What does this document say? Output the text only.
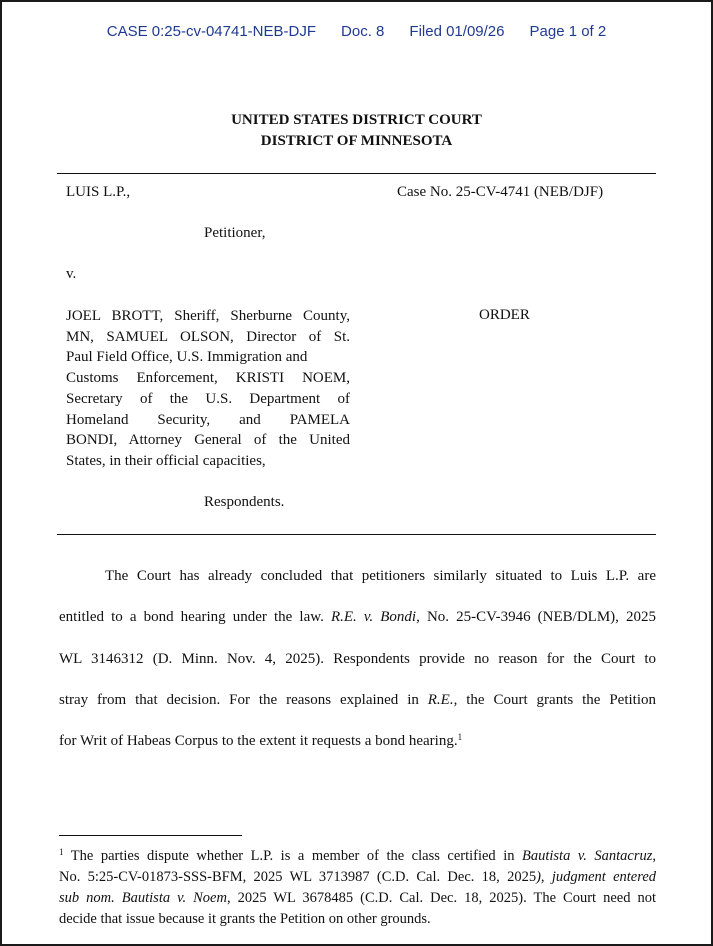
CASE 0:25-cv-04741-NEB-DJF Doc. 8 Filed 01/09/26 Page 1 of 2
UNITED STATES DISTRICT COURT
DISTRICT OF MINNESOTA
LUIS L.P.,	Case No. 25-CV-4741 (NEB/DJF)
Petitioner,
v.
ORDER
JOEL BROTT, Sheriff, Sherburne County,
MN, SAMUEL OLSON, Director of St.
Paul Field Office, U.S. Immigration and
Customs Enforcement, KRISTI NOEM,
Secretary of the U.S. Department of
Homeland Security, and PAMELA
BONDI, Attorney General of the United
States, in their official capacities,
Respondents.
The Court has already concluded that petitioners similarly situated to Luis L.P. are
entitled to a bond hearing under the law. R.E. v. Bondi, No. 25-CV-3946 (NEB/DLM), 2025
WL 3146312 (D. Minn. Nov. 4, 2025). Respondents provide no reason for the Court to
stray from that decision. For the reasons explained in R.E., the Court grants the Petition
for Writ of Habeas Corpus to the extent it requests a bond hearing.$^1$
$^1$ The parties dispute whether L.P. is a member of the class certified in Bautista v. Santacruz,
No. 5:25-CV-01873-SSS-BFM, 2025 WL 3713987 (C.D. Cal. Dec. 18, 2025), judgment entered
sub nom. Bautista v. Noem, 2025 WL 3678485 (C.D. Cal. Dec. 18, 2025). The Court need not
decide that issue because it grants the Petition on other grounds.
